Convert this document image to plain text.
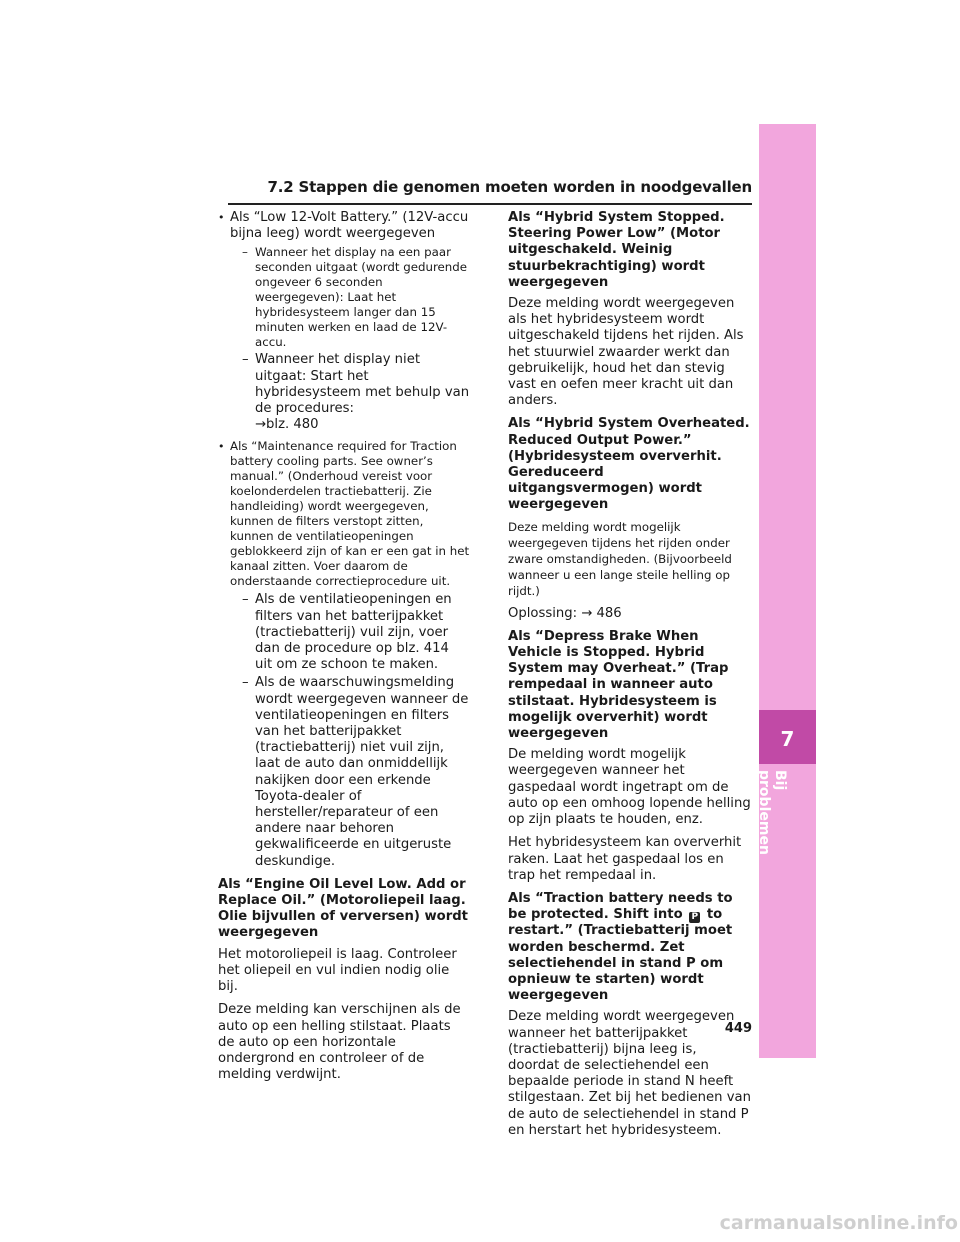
7.2 Stappen die genomen moeten worden in noodgevallen
• Als “Low 12-Volt Battery.” (12V-accu bijna leeg) wordt weergegeven
– Wanneer het display na een paar seconden uitgaat (wordt gedurende ongeveer 6 seconden weergegeven): Laat het hybridesysteem langer dan 15 minuten werken en laad de 12V-accu.
– Wanneer het display niet uitgaat: Start het hybridesysteem met behulp van de procedures:
→blz. 480
• Als “Maintenance required for Traction battery cooling parts. See owner’s manual.” (Onderhoud vereist voor koelonderdelen tractiebatterij. Zie handleiding) wordt weergegeven, kunnen de filters verstopt zitten, kunnen de ventilatieopeningen geblokkeerd zijn of kan er een gat in het kanaal zitten. Voer daarom de onderstaande correctieprocedure uit.
– Als de ventilatieopeningen en filters van het batterijpakket (tractiebatterij) vuil zijn, voer dan de procedure op blz. 414 uit om ze schoon te maken.
– Als de waarschuwingsmelding wordt weergegeven wanneer de ventilatieopeningen en filters van het batterijpakket (tractiebatterij) niet vuil zijn, laat de auto dan onmiddellijk nakijken door een erkende Toyota-dealer of hersteller/reparateur of een andere naar behoren gekwalificeerde en uitgeruste deskundige.

Als “Engine Oil Level Low. Add or Replace Oil.” (Motoroliepeil laag. Olie bijvullen of verversen) wordt weergegeven

Het motoroliepeil is laag. Controleer het oliepeil en vul indien nodig olie bij.

Deze melding kan verschijnen als de auto op een helling stilstaat. Plaats de auto op een horizontale ondergrond en controleer of de melding verdwijnt.

Als “Hybrid System Stopped. Steering Power Low” (Motor uitgeschakeld. Weinig stuurbekrachtiging) wordt weergegeven

Deze melding wordt weergegeven als het hybridesysteem wordt uitgeschakeld tijdens het rijden. Als het stuurwiel zwaarder werkt dan gebruikelijk, houd het dan stevig vast en oefen meer kracht uit dan anders.

Als “Hybrid System Overheated. Reduced Output Power.” (Hybridesysteem oververhit. Gereduceerd uitgangsvermogen) wordt weergegeven

Deze melding wordt mogelijk weergegeven tijdens het rijden onder zware omstandigheden. (Bijvoorbeeld wanneer u een lange steile helling op rijdt.)

Oplossing: → 486

Als “Depress Brake When Vehicle is Stopped. Hybrid System may Overheat.” (Trap rempedaal in wanneer auto stilstaat. Hybridesysteem is mogelijk oververhit) wordt weergegeven

De melding wordt mogelijk weergegeven wanneer het gaspedaal wordt ingetrapt om de auto op een omhoog lopende helling op zijn plaats te houden, enz.

Het hybridesysteem kan oververhit raken. Laat het gaspedaal los en trap het rempedaal in.

Als “Traction battery needs to be protected. Shift into P to restart.” (Tractiebatterij moet worden beschermd. Zet selectiehendel in stand P om opnieuw te starten) wordt weergegeven

Deze melding wordt weergegeven wanneer het batterijpakket (tractiebatterij) bijna leeg is, doordat de selectiehendel een bepaalde periode in stand N heeft stilgestaan. Zet bij het bedienen van de auto de selectiehendel in stand P en herstart het hybridesysteem.

7
Bij problemen
449
carmanualsonline.info
